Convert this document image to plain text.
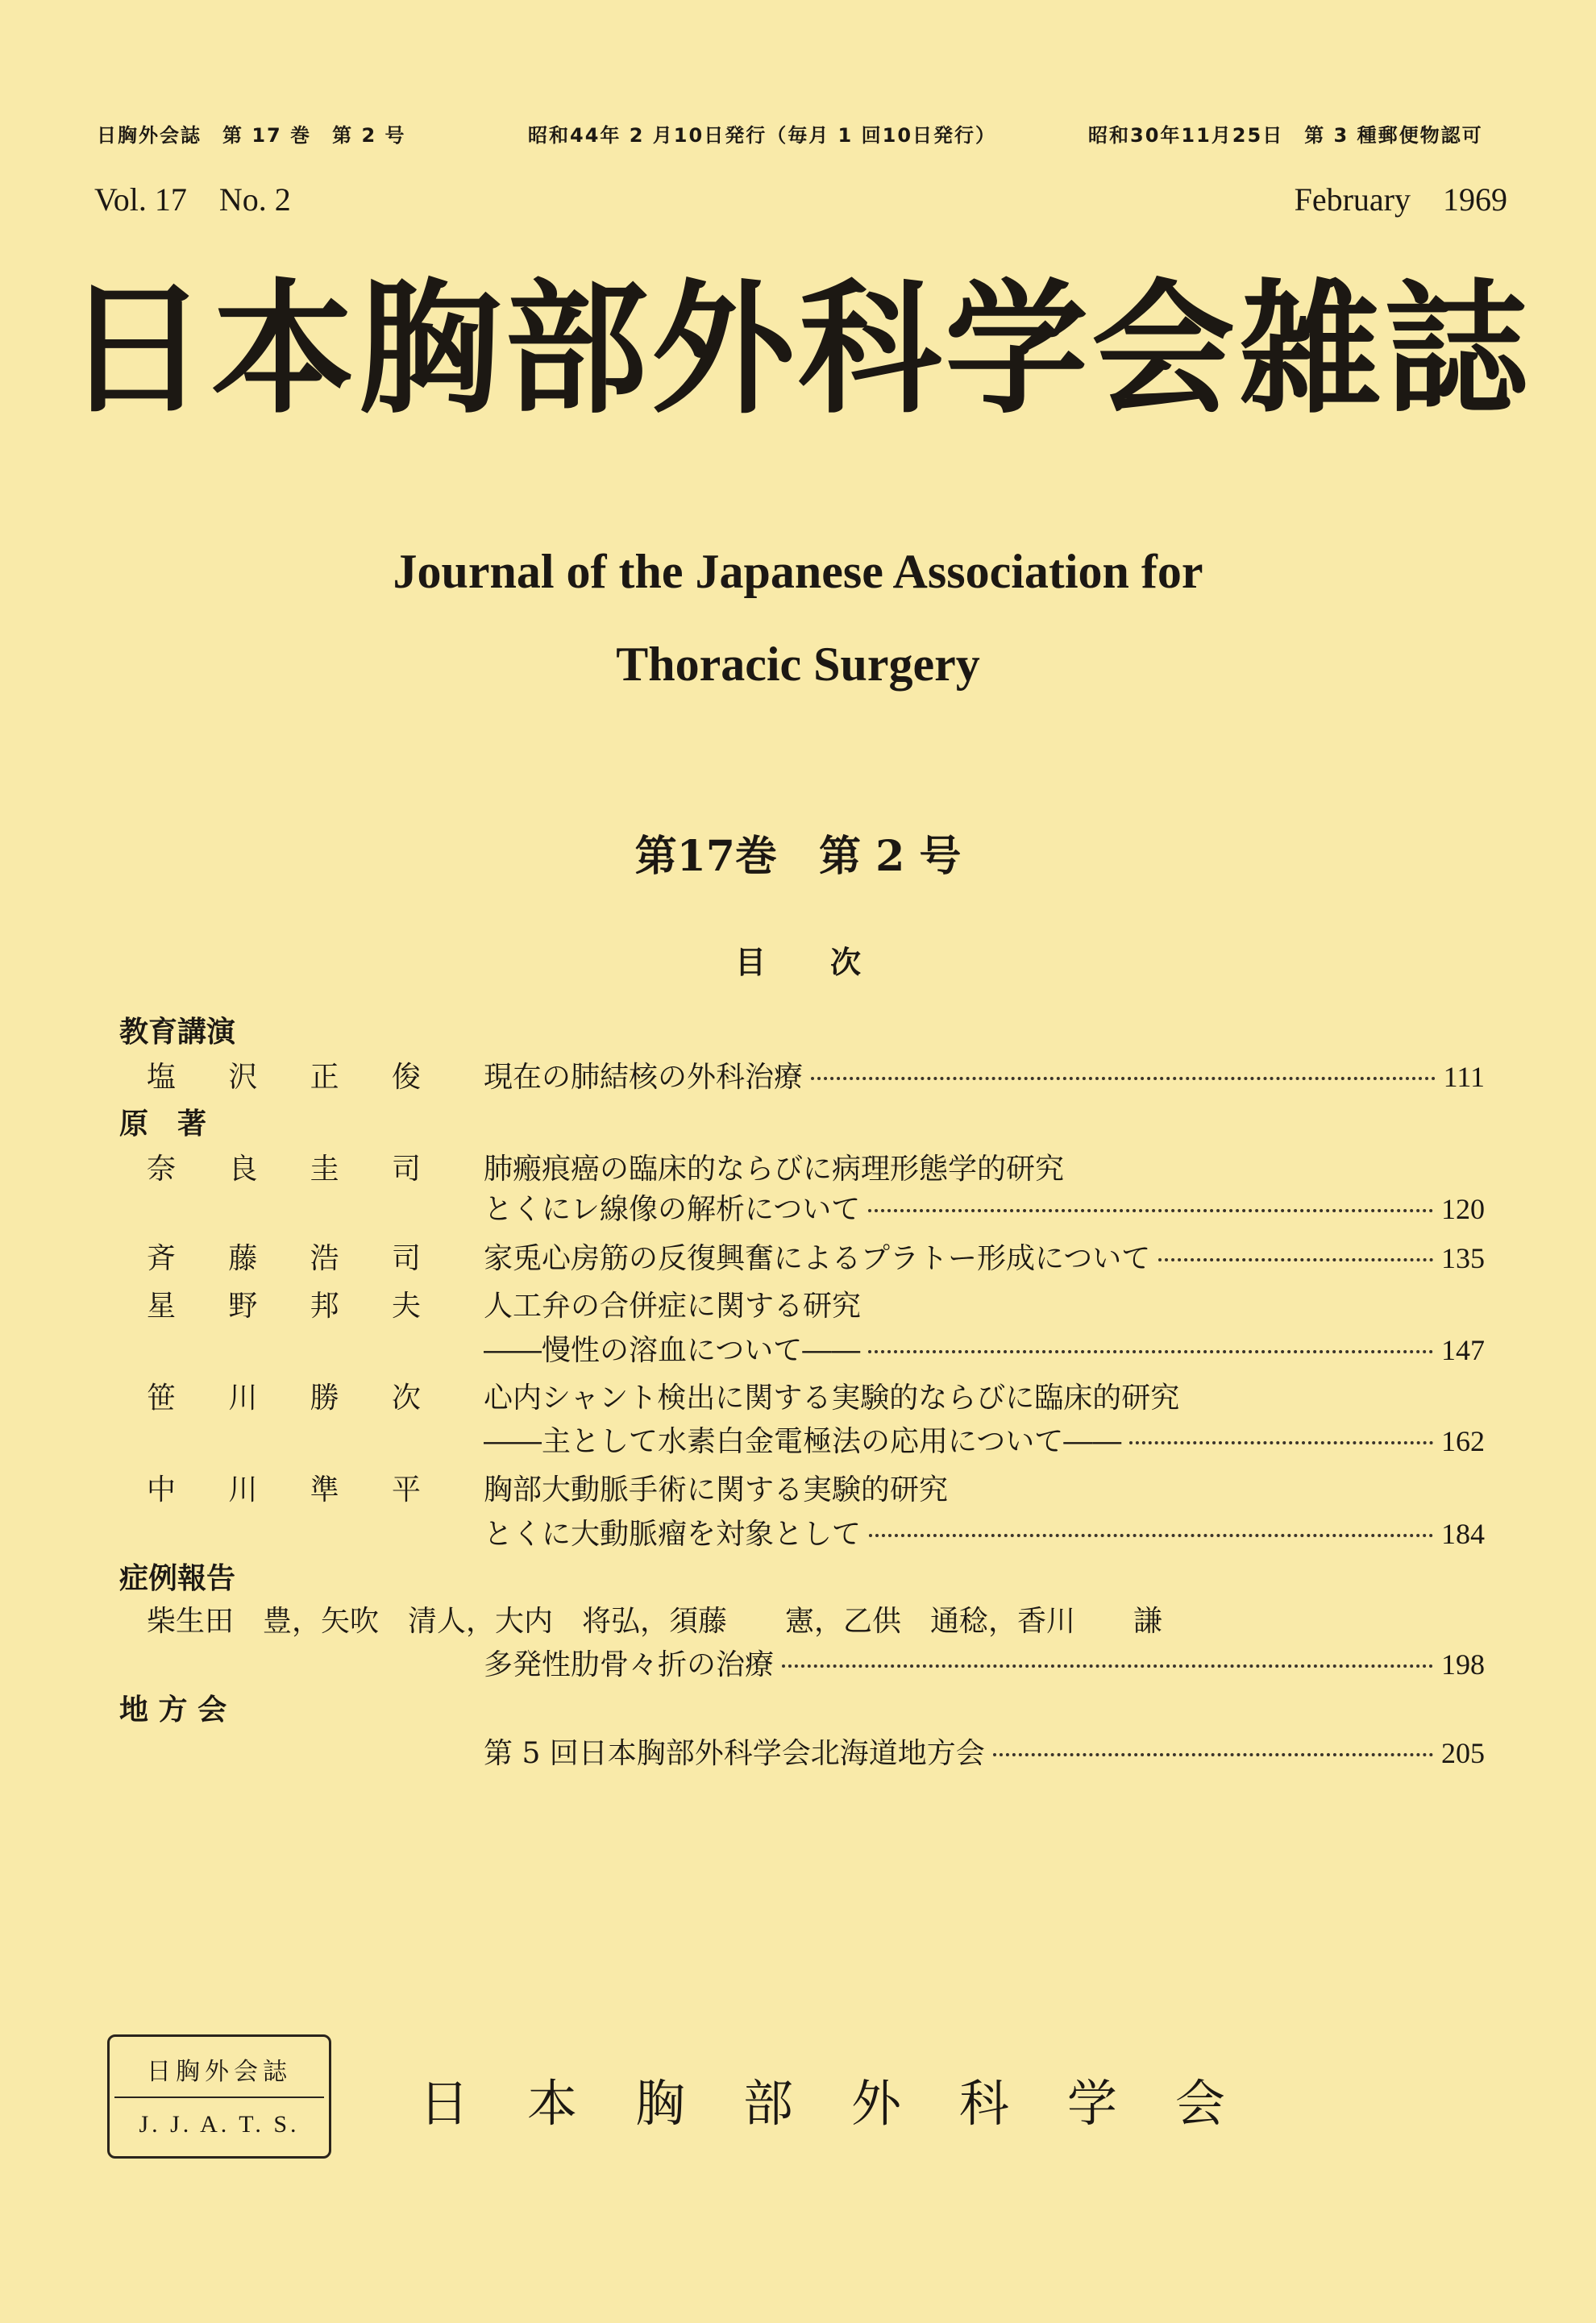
日胸外会誌　第 17 巻　第 2 号	昭和44年 2 月10日発行（毎月 1 回10日発行）	昭和30年11月25日　第 3 種郵便物認可
Vol. 17　No. 2	February　1969
日本胸部外科学会雑誌
Journal of the Japanese Association for
Thoracic Surgery
第17巻　第 2 号
目次
教育講演
塩 沢 正 俊 現在の肺結核の外科治療	111
原　著
奈 良 圭 司 肺瘢痕癌の臨床的ならびに病理形態学的研究
とくにレ線像の解析について	120
斉 藤 浩 司 家兎心房筋の反復興奮によるプラトー形成について	135
星 野 邦 夫 人工弁の合併症に関する研究
――慢性の溶血について――	147
笹 川 勝 次 心内シャント検出に関する実験的ならびに臨床的研究
――主として水素白金電極法の応用について――	162
中 川 準 平 胸部大動脈手術に関する実験的研究
とくに大動脈瘤を対象として	184
症例報告
柴生田　豊，矢吹　清人，大内　将弘，須藤　　憲，乙供　通稔，香川　　謙
多発性肋骨々折の治療	198
地 方 会
第 5 回日本胸部外科学会北海道地方会	205
日胸外会誌
J. J. A. T. S.	日 本 胸 部 外 科 学 会
